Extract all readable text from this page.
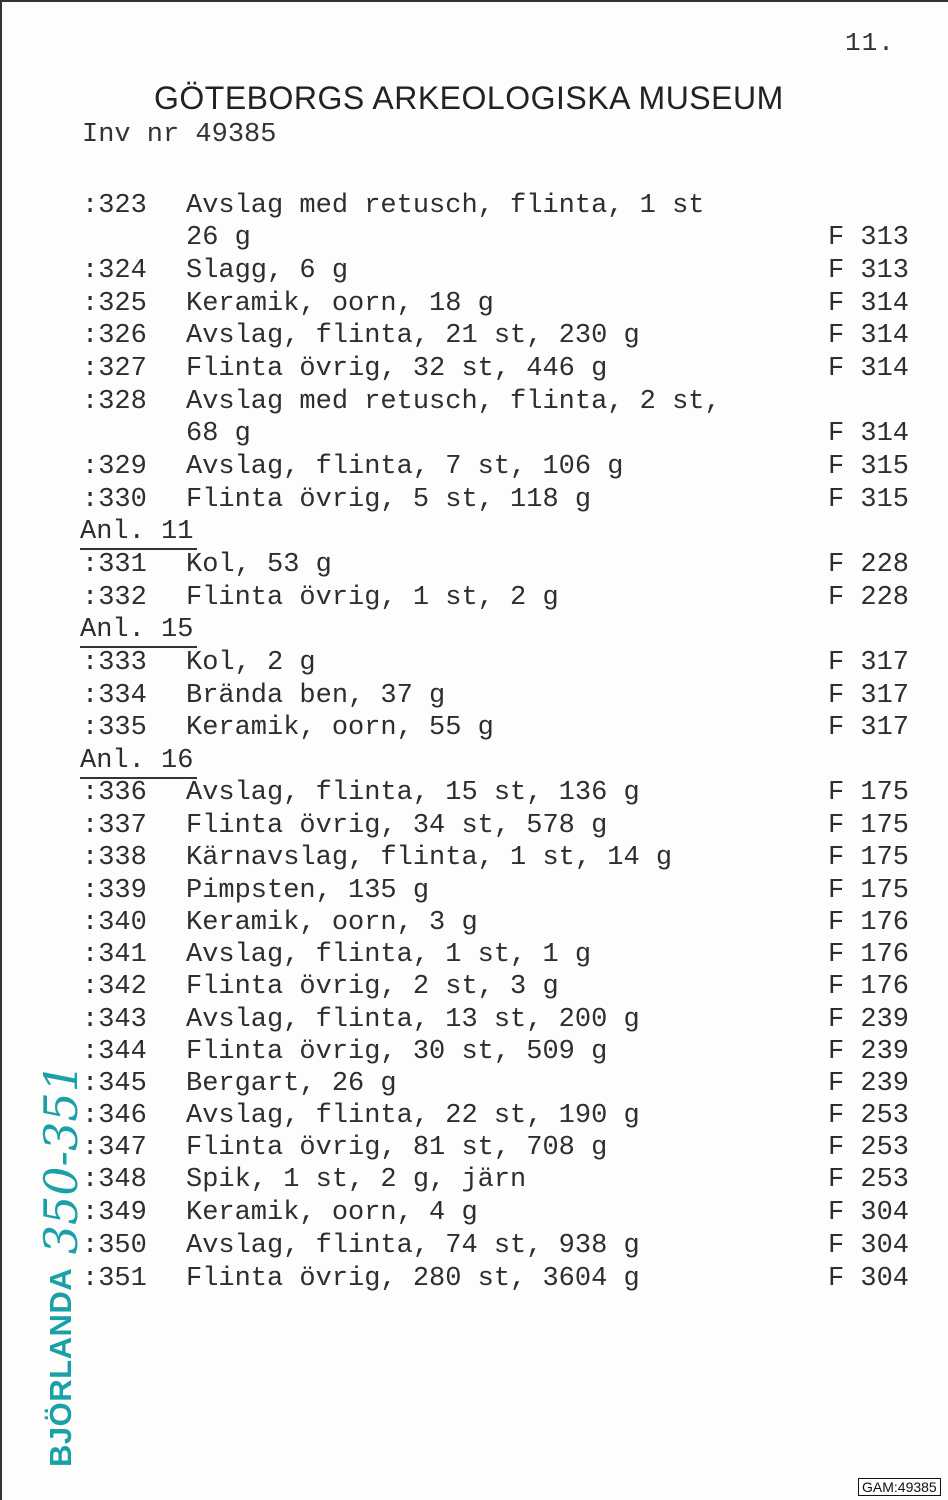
11.
GÖTEBORGS ARKEOLOGISKA MUSEUM
Inv nr 49385
:323 Avslag med retusch, flinta, 1 st
26 g	F 313
:324 Slagg, 6 g	F 313
:325 Keramik, oorn, 18 g	F 314
:326 Avslag, flinta, 21 st, 230 g	F 314
:327 Flinta övrig, 32 st, 446 g	F 314
:328 Avslag med retusch, flinta, 2 st,
68 g	F 314
:329 Avslag, flinta, 7 st, 106 g	F 315
:330 Flinta övrig, 5 st, 118 g	F 315
Anl. 11
:331 Kol, 53 g	F 228
:332 Flinta övrig, 1 st, 2 g	F 228
Anl. 15
:333 Kol, 2 g	F 317
:334 Brända ben, 37 g	F 317
:335 Keramik, oorn, 55 g	F 317
Anl. 16
:336 Avslag, flinta, 15 st, 136 g	F 175
:337 Flinta övrig, 34 st, 578 g	F 175
:338 Kärnavslag, flinta, 1 st, 14 g	F 175
:339 Pimpsten, 135 g	F 175
:340 Keramik, oorn, 3 g	F 176
:341 Avslag, flinta, 1 st, 1 g	F 176
:342 Flinta övrig, 2 st, 3 g	F 176
:343 Avslag, flinta, 13 st, 200 g	F 239
:344 Flinta övrig, 30 st, 509 g	F 239
:345 Bergart, 26 g	F 239
:346 Avslag, flinta, 22 st, 190 g	F 253
:347 Flinta övrig, 81 st, 708 g	F 253
:348 Spik, 1 st, 2 g, järn	F 253
:349 Keramik, oorn, 4 g	F 304
:350 Avslag, flinta, 74 st, 938 g	F 304
:351 Flinta övrig, 280 st, 3604 g	F 304
BJÖRLANDA 350-351
GAM:49385
